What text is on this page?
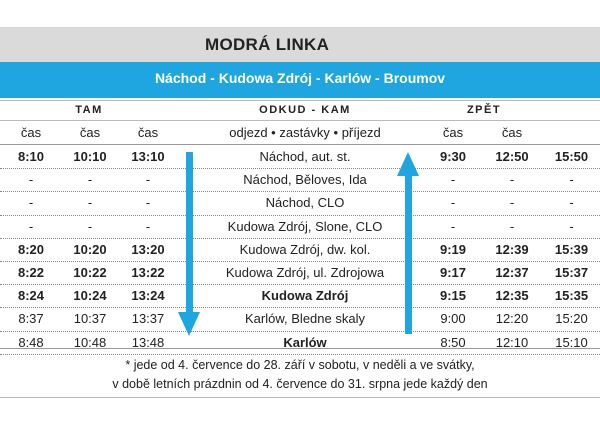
MODRÁ LINKA
Náchod - Kudowa Zdrój - Karlów - Broumov
TAM	ODKUD - KAM	ZPĚT
čas	čas	čas	odjezd • zastávky • příjezd	čas	čas
8:10	10:10	13:10	Náchod, aut. st.	9:30	12:50	15:50
-	-	-	Náchod, Běloves, Ida	-	-	-
-	-	-	Náchod, CLO	-	-	-
-	-	-	Kudowa Zdrój, Slone, CLO	-	-	-
8:20	10:20	13:20	Kudowa Zdrój, dw. kol.	9:19	12:39	15:39
8:22	10:22	13:22	Kudowa Zdrój, ul. Zdrojowa	9:17	12:37	15:37
8:24	10:24	13:24	Kudowa Zdrój	9:15	12:35	15:35
8:37	10:37	13:37	Karlów, Bledne skaly	9:00	12:20	15:20
8:48	10:48	13:48	Karlów	8:50	12:10	15:10
* jede od 4. července do 28. září v sobotu, v neděli a ve svátky,
v době letních prázdnin od 4. července do 31. srpna jede každý den
